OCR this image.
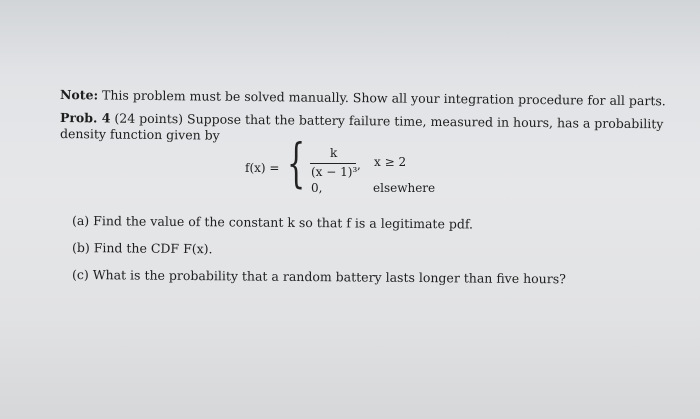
Note: This problem must be solved manually. Show all your integration procedure for all parts.
Prob. 4 (24 points) Suppose that the battery failure time, measured in hours, has a probability
density function given by
f(x) = { k
(x − 1)³ , x ≥ 2
0,	elsewhere
(a) Find the value of the constant k so that f is a legitimate pdf.
(b) Find the CDF F(x).
(c) What is the probability that a random battery lasts longer than five hours?
